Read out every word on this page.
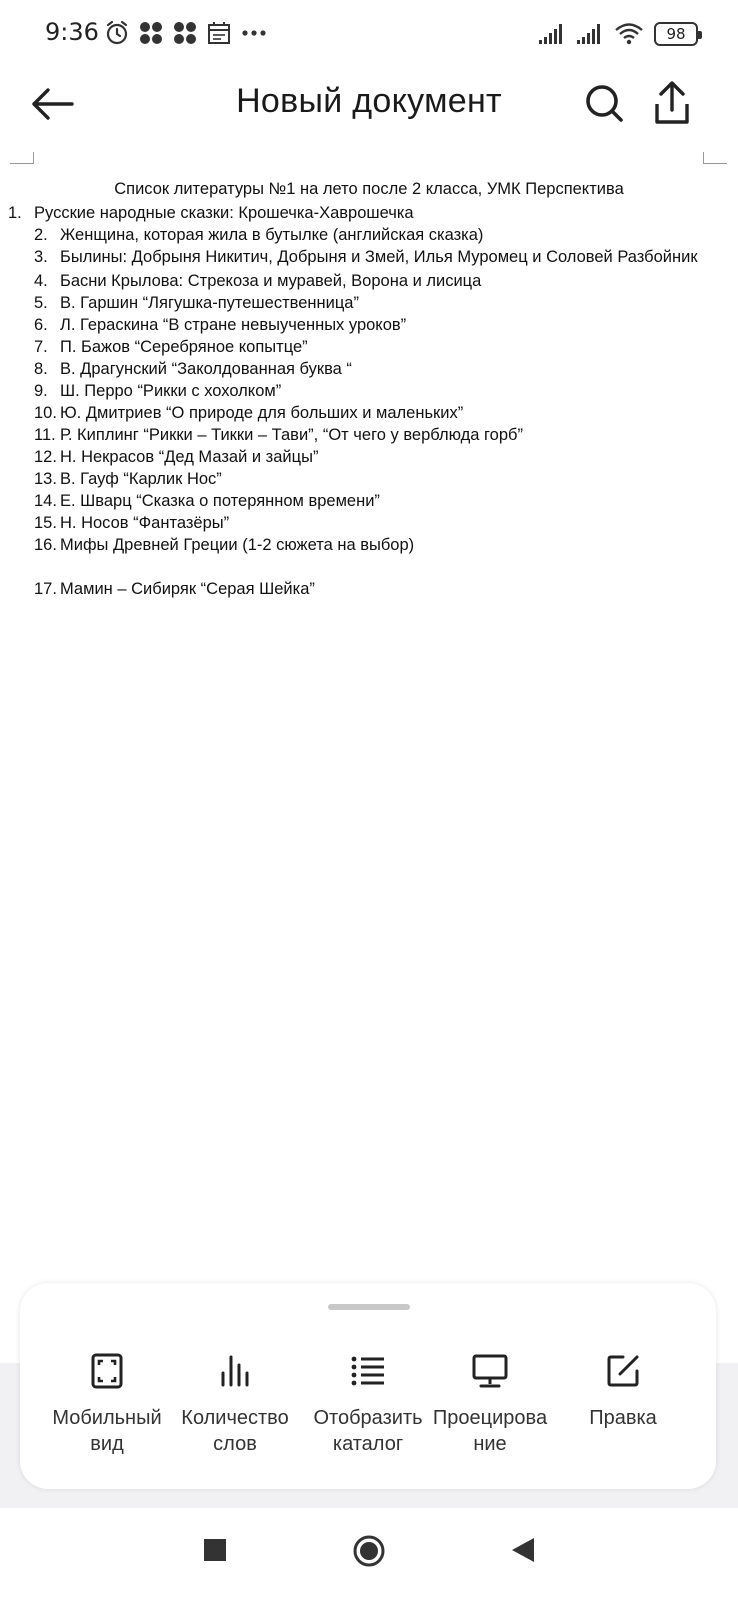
9:36	98
Новый документ
Список литературы №1 на лето после 2 класса, УМК Перспектива
1. Русские народные сказки: Крошечка-Хаврошечка
2. Женщина, которая жила в бутылке (английская сказка)
3. Былины: Добрыня Никитич, Добрыня и Змей, Илья Муромец и Соловей Разбойник
4. Басни Крылова: Стрекоза и муравей, Ворона и лисица
5. В. Гаршин “Лягушка-путешественница”
6. Л. Гераскина “В стране невыученных уроков”
7. П. Бажов “Серебряное копытце”
8. В. Драгунский “Заколдованная буква “
9. Ш. Перро “Рикки с хохолком”
10. Ю. Дмитриев “О природе для больших и маленьких”
11. Р. Киплинг “Рикки – Тикки – Тави”, “От чего у верблюда горб”
12. Н. Некрасов “Дед Мазай и зайцы”
13. В. Гауф “Карлик Нос”
14. Е. Шварц “Сказка о потерянном времени”
15. Н. Носов “Фантазёры”
16. Мифы Древней Греции (1-2 сюжета на выбор)
17. Мамин – Сибиряк “Серая Шейка”
Мобильный
вид
Количество
слов
Отобразить
каталог
Проецирова
ние
Правка
